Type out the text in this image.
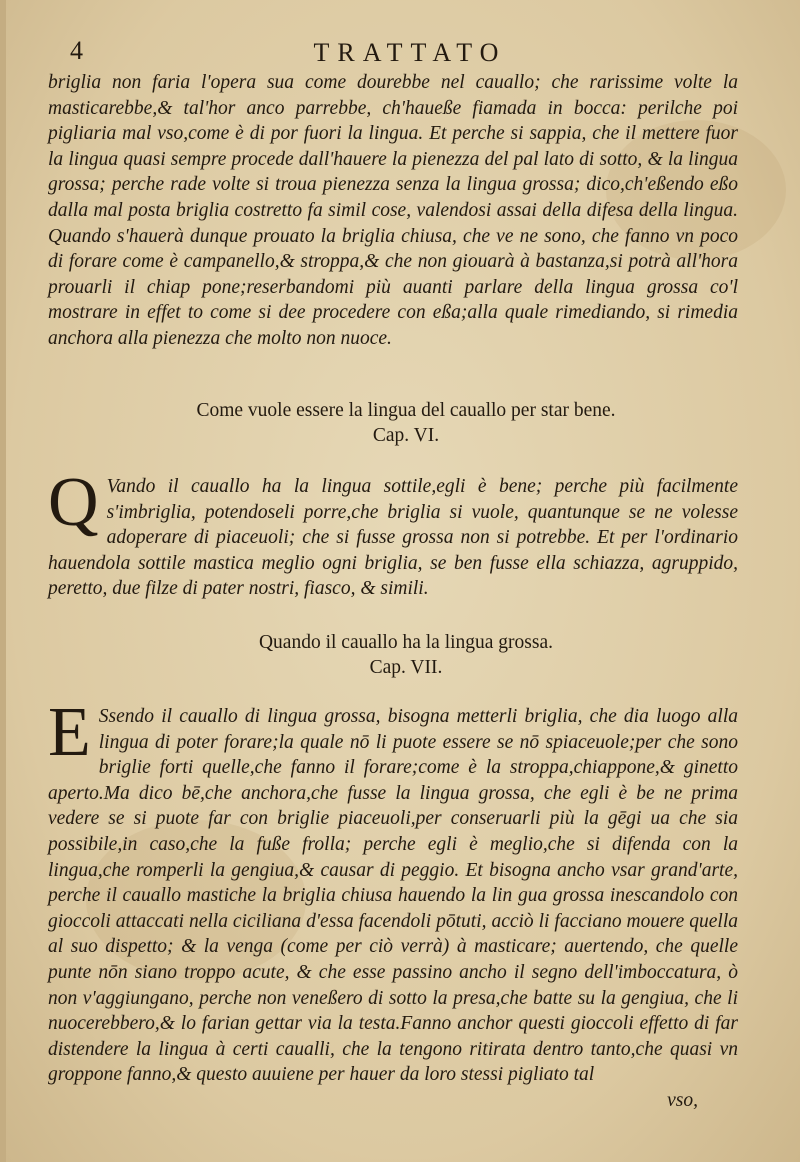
4	TRATTATO
briglia non faria l'opera sua come dourebbe nel cauallo; che rarissime volte la masticarebbe,& tal'hor anco parrebbe, ch'haueße fiamada in bocca: perilche poi pigliaria mal vso,come è di por fuori la lingua. Et perche si sappia, che il mettere fuor la lingua quasi sempre procede dall'hauere la pienezza del pal lato di sotto, & la lingua grossa; perche rade volte si troua pienezza senza la lingua grossa; dico,ch'eßendo eßo dalla mal posta briglia costretto fa simil cose, valendosi assai della difesa della lingua. Quando s'hauerà dunque prouato la briglia chiusa, che ve ne sono, che fanno vn poco di forare come è campanello,& stroppa,& che non giouarà à bastanza,si potrà all'hora prouarli il chiap pone;reserbandomi più auanti parlare della lingua grossa co'l mostrare in effet to come si dee procedere con eßa;alla quale rimediando, si rimedia anchora alla pienezza che molto non nuoce.
Come vuole essere la lingua del cauallo per star bene.
Cap. VI.
Q Vando il cauallo ha la lingua sottile,egli è bene; perche più facilmente s'imbriglia, potendoseli porre,che briglia si vuole, quantunque se ne volesse adoperare di piaceuoli; che si fusse grossa non si potrebbe. Et per l'ordinario hauendola sottile mastica meglio ogni briglia, se ben fusse ella schiazza, agruppido, peretto, due filze di pater nostri, fiasco, & simili.
Quando il cauallo ha la lingua grossa.
Cap. VII.
E Ssendo il cauallo di lingua grossa, bisogna metterli briglia, che dia luogo alla lingua di poter forare;la quale nō li puote essere se nō spiaceuole;per che sono briglie forti quelle,che fanno il forare;come è la stroppa,chiappone,& ginetto aperto.Ma dico bē,che anchora,che fusse la lingua grossa, che egli è be ne prima vedere se si puote far con briglie piaceuoli,per conseruarli più la gēgi ua che sia possibile,in caso,che la fuße frolla; perche egli è meglio,che si difenda con la lingua,che romperli la gengiua,& causar di peggio. Et bisogna ancho vsar grand'arte, perche il cauallo mastiche la briglia chiusa hauendo la lin gua grossa inescandolo con gioccoli attaccati nella ciciliana d'essa facendoli pōtuti, acciò li facciano mouere quella al suo dispetto; & la venga (come per ciò verrà) à masticare; auertendo, che quelle punte nōn siano troppo acute, & che esse passino ancho il segno dell'imboccatura, ò non v'aggiungano, perche non veneßero di sotto la presa,che batte su la gengiua, che li nuocerebbero,& lo farian gettar via la testa.Fanno anchor questi gioccoli effetto di far distendere la lingua à certi caualli, che la tengono ritirata dentro tanto,che quasi vn groppone fanno,& questo auuiene per hauer da loro stessi pigliato tal
vso,
